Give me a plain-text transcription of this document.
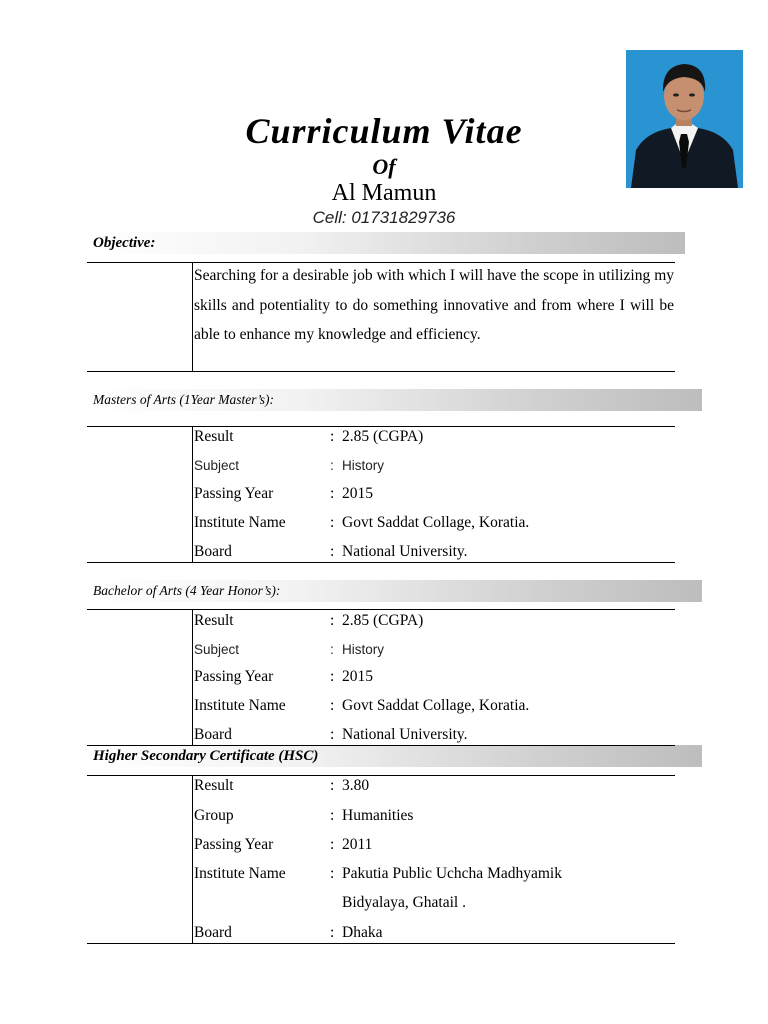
Curriculum Vitae
Of
Al Mamun
Cell: 01731829736
Objective:
Searching for a desirable job with which I will have the scope in utilizing my skills and potentiality to do something innovative and from where I will be able to enhance my knowledge and efficiency.
Masters of Arts (1Year Master’s):
Result	: 2.85 (CGPA)
Subject	: History
Passing Year	: 2015
Institute Name	: Govt Saddat Collage, Koratia.
Board	: National University.
Bachelor of Arts (4 Year Honor’s):
Result	: 2.85 (CGPA)
Subject	: History
Passing Year	: 2015
Institute Name	: Govt Saddat Collage, Koratia.
Board	: National University.
Higher Secondary Certificate (HSC)
Result	: 3.80
Group	: Humanities
Passing Year	: 2011
Institute Name	: Pakutia Public Uchcha Madhyamik
Bidyalaya, Ghatail .
Board	: Dhaka
